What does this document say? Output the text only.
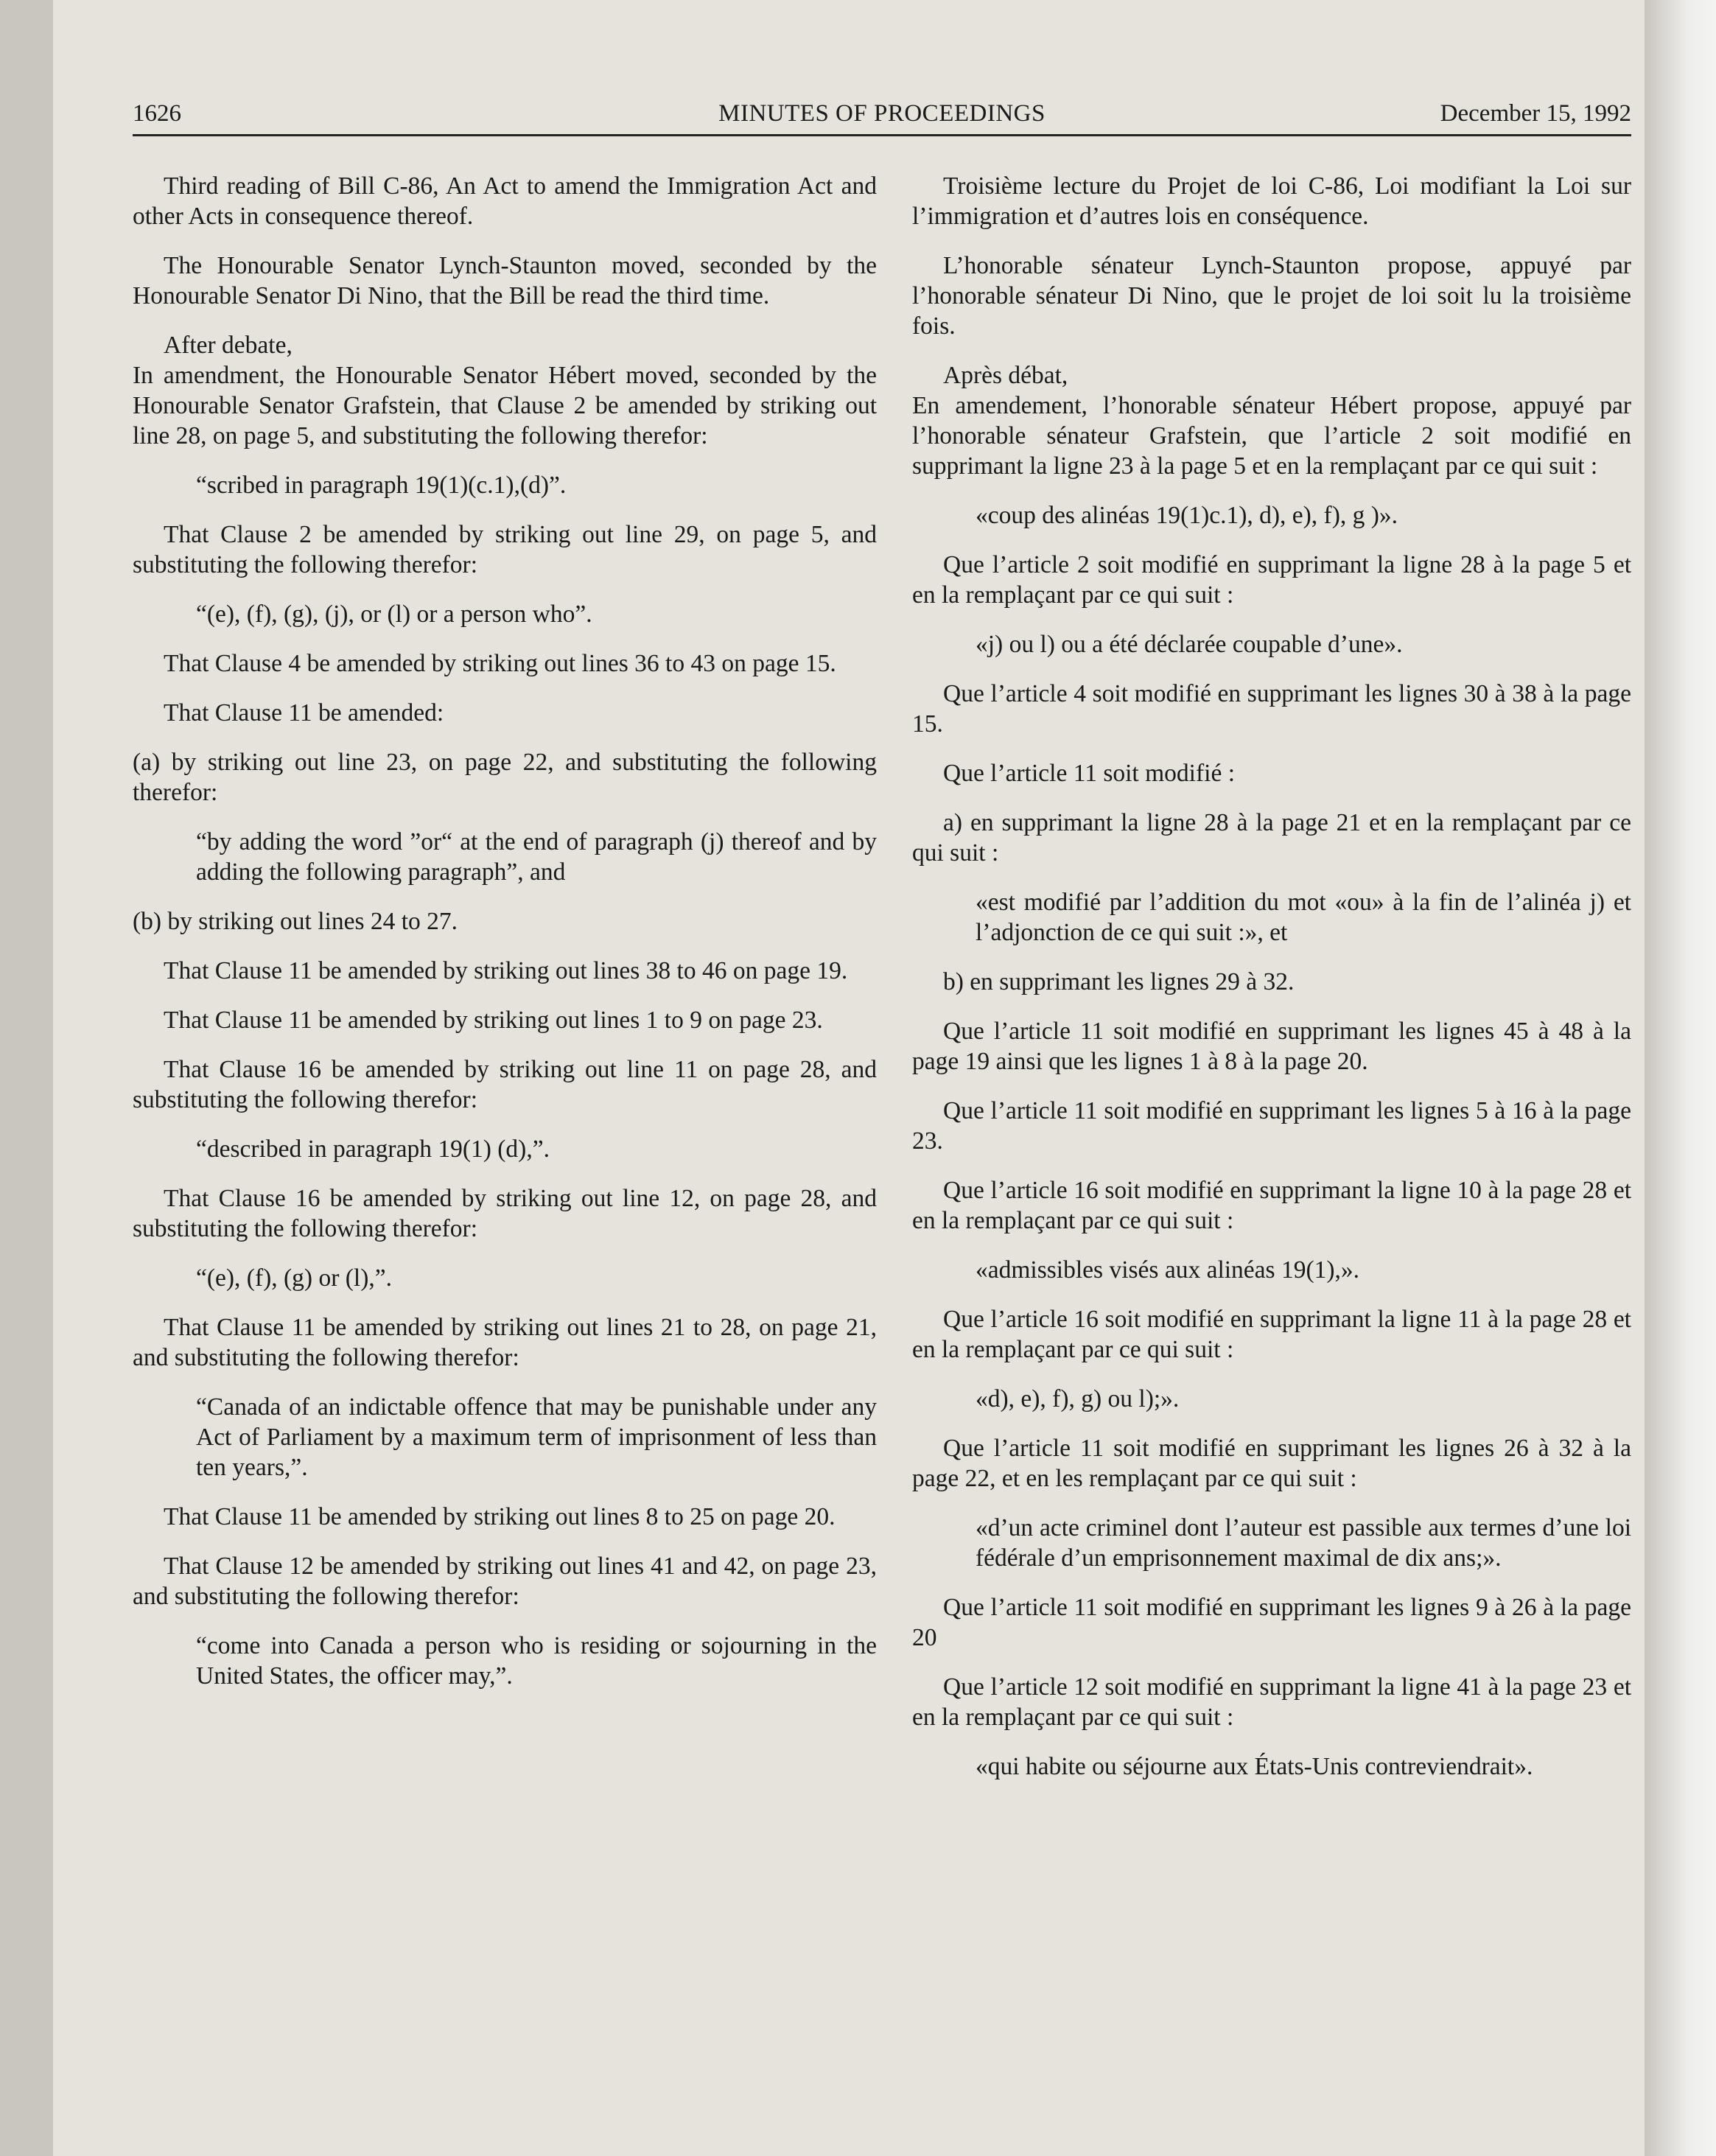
1626	MINUTES OF PROCEEDINGS	December 15, 1992

Third reading of Bill C-86, An Act to amend the Immigration Act and other Acts in consequence thereof.

The Honourable Senator Lynch-Staunton moved, seconded by the Honourable Senator Di Nino, that the Bill be read the third time.

After debate,

In amendment, the Honourable Senator Hébert moved, seconded by the Honourable Senator Grafstein, that Clause 2 be amended by striking out line 28, on page 5, and substituting the following therefor:

“scribed in paragraph 19(1)(c.1),(d)”.

That Clause 2 be amended by striking out line 29, on page 5, and substituting the following therefor:

“(e), (f), (g), (j), or (l) or a person who”.

That Clause 4 be amended by striking out lines 36 to 43 on page 15.

That Clause 11 be amended:

(a) by striking out line 23, on page 22, and substituting the following therefor:

“by adding the word ”or“ at the end of paragraph (j) thereof and by adding the following paragraph”, and

(b) by striking out lines 24 to 27.

That Clause 11 be amended by striking out lines 38 to 46 on page 19.

That Clause 11 be amended by striking out lines 1 to 9 on page 23.

That Clause 16 be amended by striking out line 11 on page 28, and substituting the following therefor:

“described in paragraph 19(1) (d),”.

That Clause 16 be amended by striking out line 12, on page 28, and substituting the following therefor:

“(e), (f), (g) or (l),”.

That Clause 11 be amended by striking out lines 21 to 28, on page 21, and substituting the following therefor:

“Canada of an indictable offence that may be punishable under any Act of Parliament by a maximum term of imprisonment of less than ten years,”.

That Clause 11 be amended by striking out lines 8 to 25 on page 20.

That Clause 12 be amended by striking out lines 41 and 42, on page 23, and substituting the following therefor:

“come into Canada a person who is residing or sojourning in the United States, the officer may,”.

Troisième lecture du Projet de loi C-86, Loi modifiant la Loi sur l’immigration et d’autres lois en conséquence.

L’honorable sénateur Lynch-Staunton propose, appuyé par l’honorable sénateur Di Nino, que le projet de loi soit lu la troisième fois.

Après débat,

En amendement, l’honorable sénateur Hébert propose, appuyé par l’honorable sénateur Grafstein, que l’article 2 soit modifié en supprimant la ligne 23 à la page 5 et en la remplaçant par ce qui suit :

«coup des alinéas 19(1)c.1), d), e), f), g )».

Que l’article 2 soit modifié en supprimant la ligne 28 à la page 5 et en la remplaçant par ce qui suit :

«j) ou l) ou a été déclarée coupable d’une».

Que l’article 4 soit modifié en supprimant les lignes 30 à 38 à la page 15.

Que l’article 11 soit modifié :

a) en supprimant la ligne 28 à la page 21 et en la remplaçant par ce qui suit :

«est modifié par l’addition du mot «ou» à la fin de l’alinéa j) et l’adjonction de ce qui suit :», et

b) en supprimant les lignes 29 à 32.

Que l’article 11 soit modifié en supprimant les lignes 45 à 48 à la page 19 ainsi que les lignes 1 à 8 à la page 20.

Que l’article 11 soit modifié en supprimant les lignes 5 à 16 à la page 23.

Que l’article 16 soit modifié en supprimant la ligne 10 à la page 28 et en la remplaçant par ce qui suit :

«admissibles visés aux alinéas 19(1),».

Que l’article 16 soit modifié en supprimant la ligne 11 à la page 28 et en la remplaçant par ce qui suit :

«d), e), f), g) ou l);».

Que l’article 11 soit modifié en supprimant les lignes 26 à 32 à la page 22, et en les remplaçant par ce qui suit :

«d’un acte criminel dont l’auteur est passible aux termes d’une loi fédérale d’un emprisonnement maximal de dix ans;».

Que l’article 11 soit modifié en supprimant les lignes 9 à 26 à la page 20

Que l’article 12 soit modifié en supprimant la ligne 41 à la page 23 et en la remplaçant par ce qui suit :

«qui habite ou séjourne aux États-Unis contreviendrait».
